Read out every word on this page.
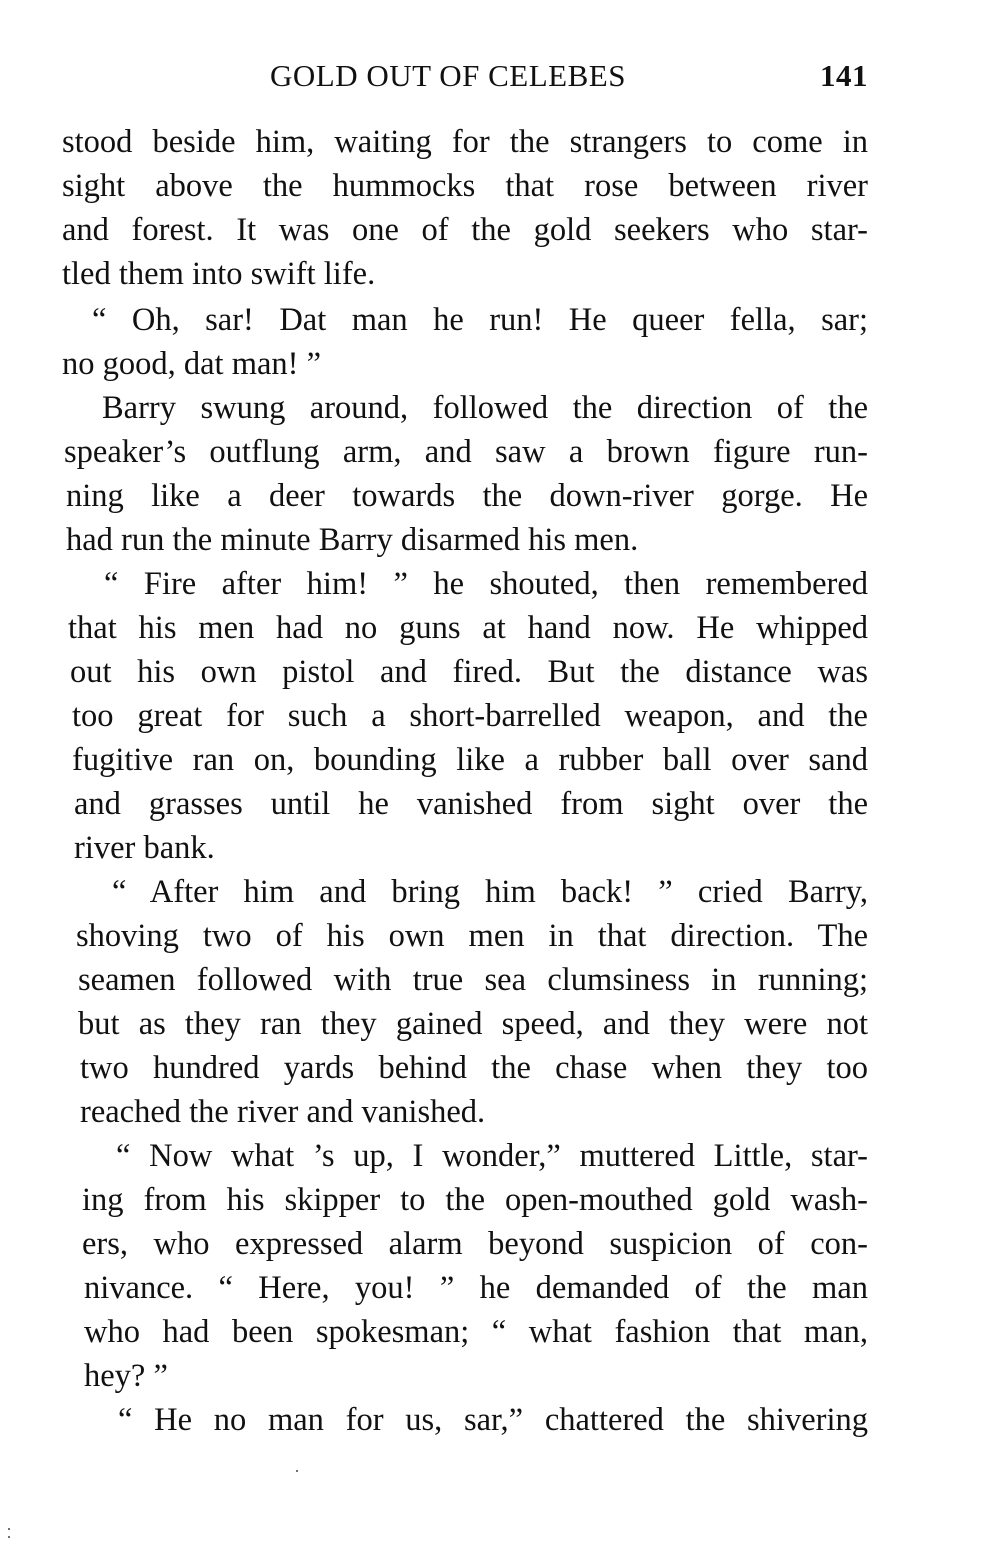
GOLD OUT OF CELEBES	141
stood beside him, waiting for the strangers to come in
sight above the hummocks that rose between river
and forest. It was one of the gold seekers who star-
tled them into swift life.
“ Oh, sar! Dat man he run! He queer fella, sar;
no good, dat man! ”
Barry swung around, followed the direction of the
speaker’s outflung arm, and saw a brown figure run-
ning like a deer towards the down-river gorge. He
had run the minute Barry disarmed his men.
“ Fire after him! ” he shouted, then remembered
that his men had no guns at hand now. He whipped
out his own pistol and fired. But the distance was
too great for such a short-barrelled weapon, and the
fugitive ran on, bounding like a rubber ball over sand
and grasses until he vanished from sight over the
river bank.
“ After him and bring him back! ” cried Barry,
shoving two of his own men in that direction. The
seamen followed with true sea clumsiness in running;
but as they ran they gained speed, and they were not
two hundred yards behind the chase when they too
reached the river and vanished.
“ Now what ’s up, I wonder,” muttered Little, star-
ing from his skipper to the open-mouthed gold wash-
ers, who expressed alarm beyond suspicion of con-
nivance. “ Here, you! ” he demanded of the man
who had been spokesman; “ what fashion that man,
hey? ”
“ He no man for us, sar,” chattered the shivering
